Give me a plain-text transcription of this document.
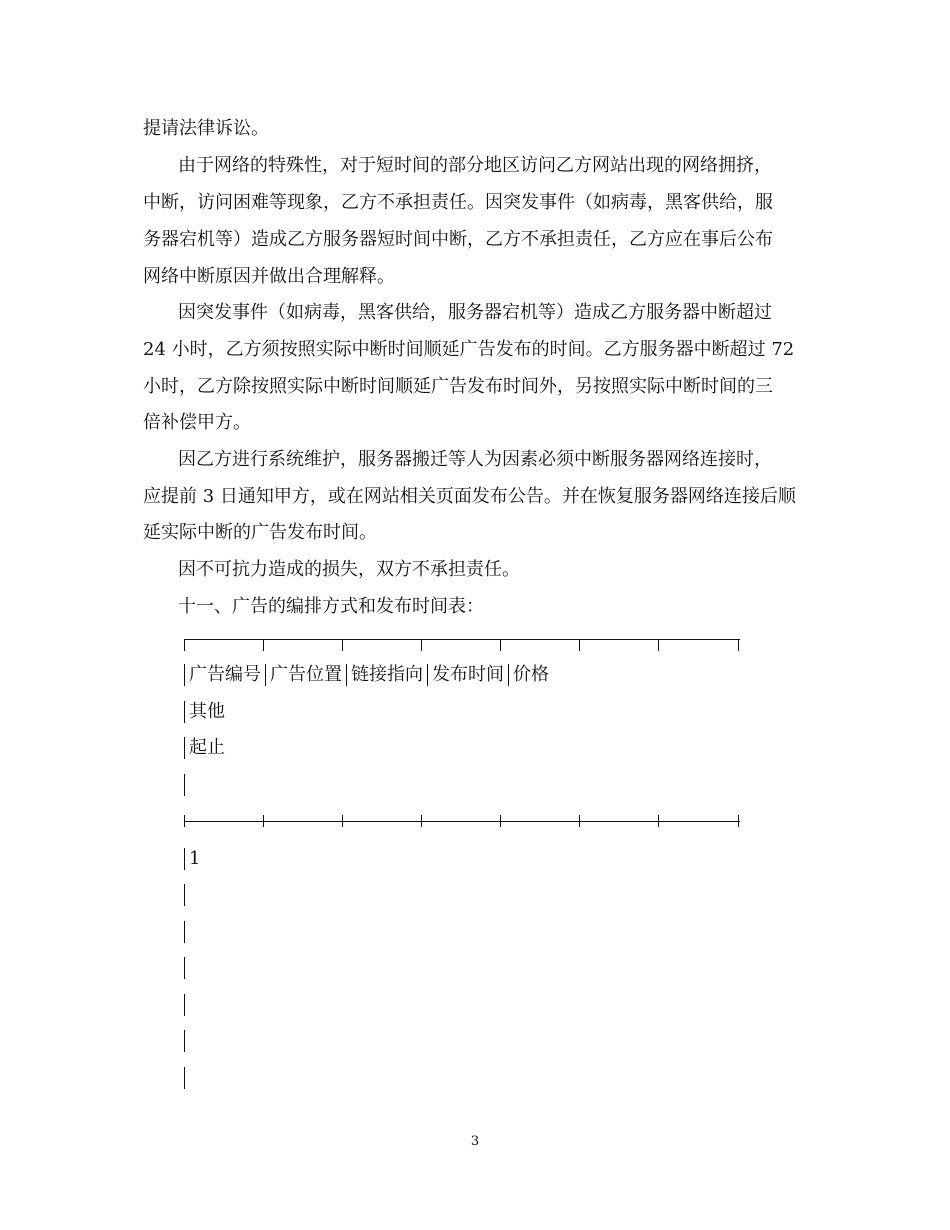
提请法律诉讼。
由于网络的特殊性，对于短时间的部分地区访问乙方网站出现的网络拥挤，
中断，访问困难等现象，乙方不承担责任。因突发事件（如病毒，黑客供给，服
务器宕机等）造成乙方服务器短时间中断，乙方不承担责任，乙方应在事后公布
网络中断原因并做出合理解释。
因突发事件（如病毒，黑客供给，服务器宕机等）造成乙方服务器中断超过
24 小时，乙方须按照实际中断时间顺延广告发布的时间。乙方服务器中断超过 72
小时，乙方除按照实际中断时间顺延广告发布时间外，另按照实际中断时间的三
倍补偿甲方。
因乙方进行系统维护，服务器搬迁等人为因素必须中断服务器网络连接时，
应提前 3 日通知甲方，或在网站相关页面发布公告。并在恢复服务器网络连接后顺
延实际中断的广告发布时间。
因不可抗力造成的损失，双方不承担责任。
十一、广告的编排方式和发布时间表：
广告编号 广告位置 链接指向 发布时间 价格
其他
起止
1
3
